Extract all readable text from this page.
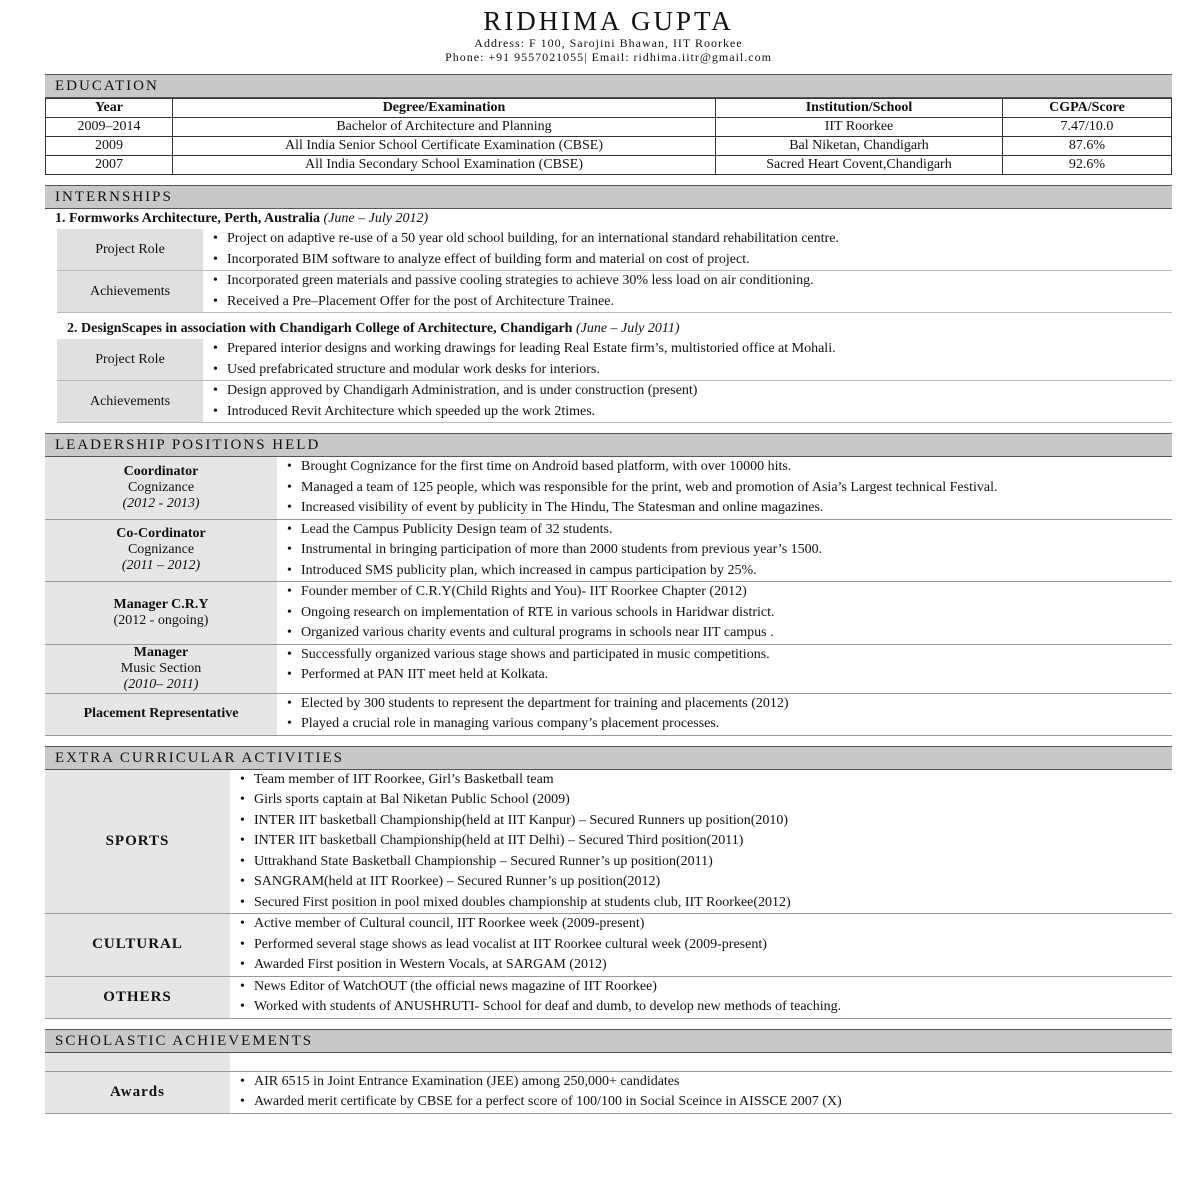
RIDHIMA GUPTA
Address: F 100, Sarojini Bhawan, IIT Roorkee
Phone: +91 9557021055| Email: ridhima.iitr@gmail.com
EDUCATION
Year	Degree/Examination	Institution/School	CGPA/Score
2009–2014	Bachelor of Architecture and Planning	IIT Roorkee	7.47/10.0
2009	All India Senior School Certificate Examination (CBSE)	Bal Niketan, Chandigarh	87.6%
2007	All India Secondary School Examination (CBSE)	Sacred Heart Covent,Chandigarh	92.6%
INTERNSHIPS
1. Formworks Architecture, Perth, Australia (June – July 2012)
Project Role
• Project on adaptive re-use of a 50 year old school building, for an international standard rehabilitation centre.
• Incorporated BIM software to analyze effect of building form and material on cost of project.
Achievements
• Incorporated green materials and passive cooling strategies to achieve 30% less load on air conditioning.
• Received a Pre–Placement Offer for the post of Architecture Trainee.
2. DesignScapes in association with Chandigarh College of Architecture, Chandigarh (June – July 2011)
Project Role
• Prepared interior designs and working drawings for leading Real Estate firm’s, multistoried office at Mohali.
• Used prefabricated structure and modular work desks for interiors.
Achievements
• Design approved by Chandigarh Administration, and is under construction (present)
• Introduced Revit Architecture which speeded up the work 2times.
LEADERSHIP POSITIONS HELD
Coordinator
Cognizance
(2012 - 2013)
• Brought Cognizance for the first time on Android based platform, with over 10000 hits.
• Managed a team of 125 people, which was responsible for the print, web and promotion of Asia’s Largest technical Festival.
• Increased visibility of event by publicity in The Hindu, The Statesman and online magazines.
Co-Cordinator
Cognizance
(2011 – 2012)
• Lead the Campus Publicity Design team of 32 students.
• Instrumental in bringing participation of more than 2000 students from previous year’s 1500.
• Introduced SMS publicity plan, which increased in campus participation by 25%.
Manager C.R.Y
(2012 - ongoing)
• Founder member of C.R.Y(Child Rights and You)- IIT Roorkee Chapter (2012)
• Ongoing research on implementation of RTE in various schools in Haridwar district.
• Organized various charity events and cultural programs in schools near IIT campus .
Manager
Music Section
(2010– 2011)
• Successfully organized various stage shows and participated in music competitions.
• Performed at PAN IIT meet held at Kolkata.
Placement Representative
• Elected by 300 students to represent the department for training and placements (2012)
• Played a crucial role in managing various company’s placement processes.
EXTRA CURRICULAR ACTIVITIES
SPORTS
• Team member of IIT Roorkee, Girl’s Basketball team
• Girls sports captain at Bal Niketan Public School (2009)
• INTER IIT basketball Championship(held at IIT Kanpur) – Secured Runners up position(2010)
• INTER IIT basketball Championship(held at IIT Delhi) – Secured Third position(2011)
• Uttrakhand State Basketball Championship – Secured Runner’s up position(2011)
• SANGRAM(held at IIT Roorkee) – Secured Runner’s up position(2012)
• Secured First position in pool mixed doubles championship at students club, IIT Roorkee(2012)
CULTURAL
• Active member of Cultural council, IIT Roorkee week (2009-present)
• Performed several stage shows as lead vocalist at IIT Roorkee cultural week (2009-present)
• Awarded First position in Western Vocals, at SARGAM (2012)
OTHERS
• News Editor of WatchOUT (the official news magazine of IIT Roorkee)
• Worked with students of ANUSHRUTI- School for deaf and dumb, to develop new methods of teaching.
SCHOLASTIC ACHIEVEMENTS
Awards
• AIR 6515 in Joint Entrance Examination (JEE) among 250,000+ candidates
• Awarded merit certificate by CBSE for a perfect score of 100/100 in Social Sceince in AISSCE 2007 (X)
